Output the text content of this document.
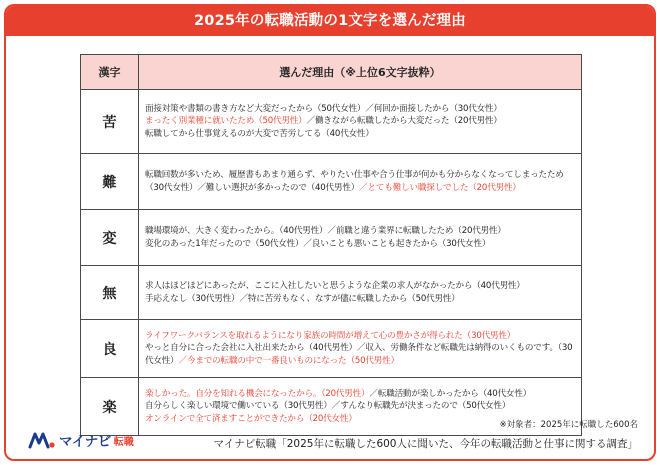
2025年の転職活動の1文字を選んだ理由
漢字	選んだ理由（※上位6文字抜粋）
苦	面接対策や書類の書き方など大変だったから（50代女性）／何回か面接したから（30代女性）
まったく別業種に就いたため（50代男性）／働きながら転職したから大変だった（20代男性）
転職してから仕事覚えるのが大変で苦労してる（40代女性）
難	転職回数が多いため、履歴書もあまり通らず、やりたい仕事や合う仕事が何かも分からなくなってしまったため（30代女性）／難しい選択が多かったので（40代男性）／とても難しい職探しでした（20代男性）
変	職場環境が、大きく変わったから。（40代男性）／前職と違う業界に転職したため（20代男性）
変化のあった1年だったので（50代女性）／良いことも悪いことも起きたから（30代女性）
無	求人はほどほどにあったが、ここに入社したいと思うような企業の求人がなかったから（40代男性）
手応えなし（30代男性）／特に苦労もなく、なすが儘に転職したから（50代男性）
良	ライフワークバランスを取れるようになり家族の時間が増えて心の豊かさが得られた（30代男性）
やっと自分に合った会社に入社出来たから（40代男性）／収入、労働条件など転職先は納得のいくものです。（30代女性）／今までの転職の中で一番良いものになった（50代男性）
楽	楽しかった。自分を知れる機会になったから。（20代男性）／転職活動が楽しかったから（40代女性）
自分らしく楽しい環境で働いている（30代男性）／すんなり転職先が決まったので（50代女性）
オンラインで全て済ますことができたから（20代女性）
マイナビ 転職
※対象者：2025年に転職した600名
マイナビ転職「2025年に転職した600人に聞いた、今年の転職活動と仕事に関する調査」
